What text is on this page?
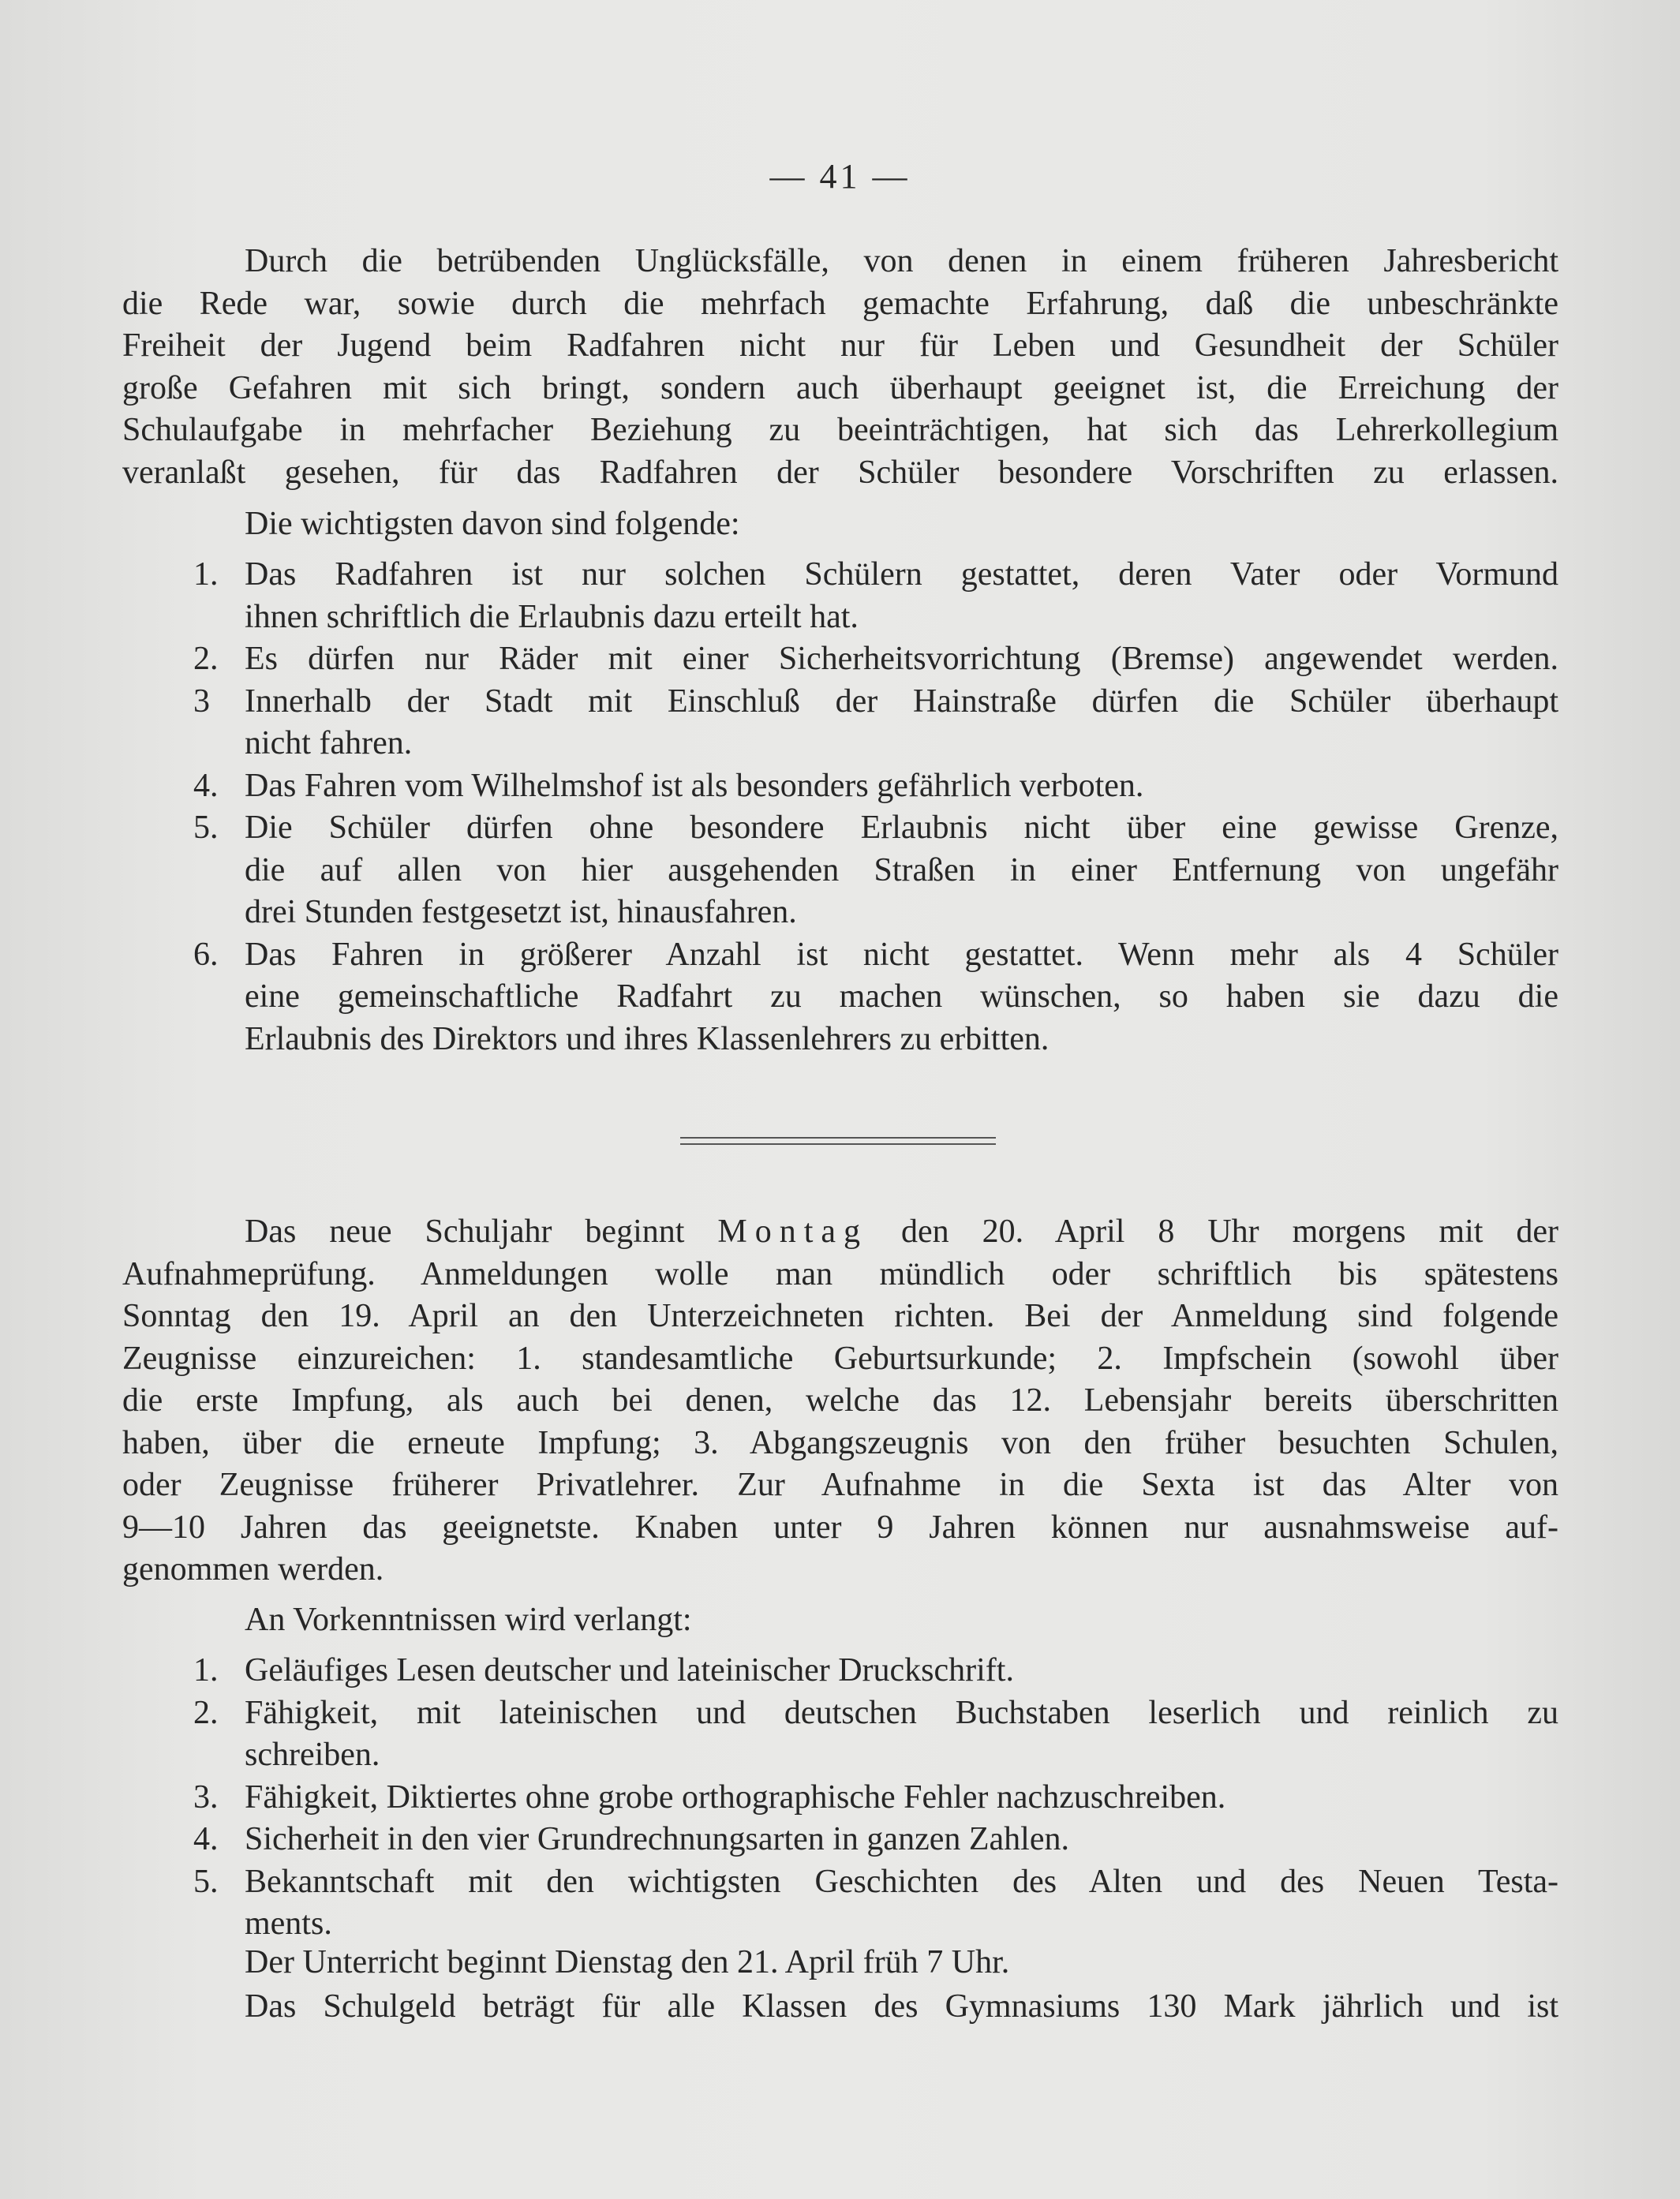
— 41 —
Durch die betrübenden Unglücksfälle, von denen in einem früheren Jahresbericht
die Rede war, sowie durch die mehrfach gemachte Erfahrung, daß die unbeschränkte
Freiheit der Jugend beim Radfahren nicht nur für Leben und Gesundheit der Schüler
große Gefahren mit sich bringt, sondern auch überhaupt geeignet ist, die Erreichung der
Schulaufgabe in mehrfacher Beziehung zu beeinträchtigen, hat sich das Lehrerkollegium
veranlaßt gesehen, für das Radfahren der Schüler besondere Vorschriften zu erlassen.
Die wichtigsten davon sind folgende:
1. Das Radfahren ist nur solchen Schülern gestattet, deren Vater oder Vormund
ihnen schriftlich die Erlaubnis dazu erteilt hat.
2. Es dürfen nur Räder mit einer Sicherheitsvorrichtung (Bremse) angewendet werden.
3	Innerhalb der Stadt mit Einschluß der Hainstraße dürfen die Schüler überhaupt
nicht fahren.
4. Das Fahren vom Wilhelmshof ist als besonders gefährlich verboten.
5. Die Schüler dürfen ohne besondere Erlaubnis nicht über eine gewisse Grenze,
die auf allen von hier ausgehenden Straßen in einer Entfernung von ungefähr
drei Stunden festgesetzt ist, hinausfahren.
6. Das Fahren in größerer Anzahl ist nicht gestattet. Wenn mehr als 4 Schüler
eine gemeinschaftliche Radfahrt zu machen wünschen, so haben sie dazu die
Erlaubnis des Direktors und ihres Klassenlehrers zu erbitten.
Das neue Schuljahr beginnt Montag den 20. April 8 Uhr morgens mit der
Aufnahmeprüfung. Anmeldungen wolle man mündlich oder schriftlich bis spätestens
Sonntag den 19. April an den Unterzeichneten richten. Bei der Anmeldung sind folgende
Zeugnisse einzureichen: 1. standesamtliche Geburtsurkunde; 2. Impfschein (sowohl über
die erste Impfung, als auch bei denen, welche das 12. Lebensjahr bereits überschritten
haben, über die erneute Impfung; 3. Abgangszeugnis von den früher besuchten Schulen,
oder Zeugnisse früherer Privatlehrer. Zur Aufnahme in die Sexta ist das Alter von
9—10 Jahren das geeignetste. Knaben unter 9 Jahren können nur ausnahmsweise auf-
genommen werden.
An Vorkenntnissen wird verlangt:
1. Geläufiges Lesen deutscher und lateinischer Druckschrift.
2. Fähigkeit, mit lateinischen und deutschen Buchstaben leserlich und reinlich zu
schreiben.
3. Fähigkeit, Diktiertes ohne grobe orthographische Fehler nachzuschreiben.
4. Sicherheit in den vier Grundrechnungsarten in ganzen Zahlen.
5. Bekanntschaft mit den wichtigsten Geschichten des Alten und des Neuen Testa-
ments.
Der Unterricht beginnt Dienstag den 21. April früh 7 Uhr.
Das Schulgeld beträgt für alle Klassen des Gymnasiums 130 Mark jährlich und ist
